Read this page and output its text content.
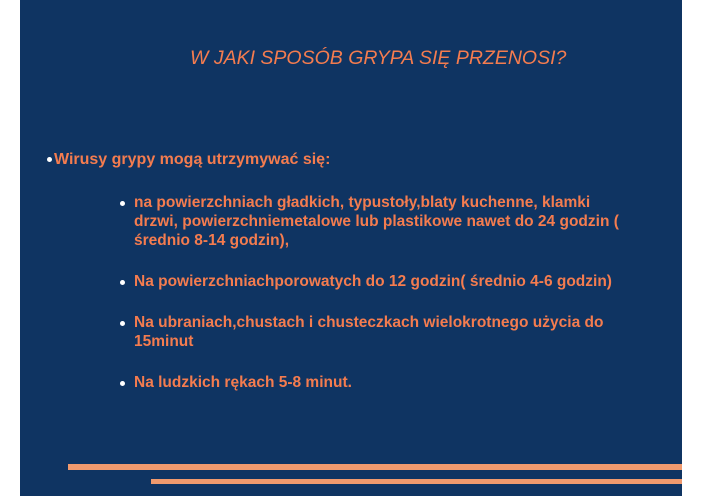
W JAKI SPOSÓB GRYPA SIĘ PRZENOSI?
Wirusy grypy mogą utrzymywać się:
na powierzchniach gładkich, typustoły,blaty kuchenne, klamki drzwi, powierzchniemetalowe lub plastikowe nawet do 24 godzin ( średnio 8-14 godzin),
Na powierzchniachporowatych do 12 godzin( średnio 4-6 godzin)
Na ubraniach,chustach i chusteczkach wielokrotnego użycia do 15minut
Na ludzkich rękach 5-8 minut.
